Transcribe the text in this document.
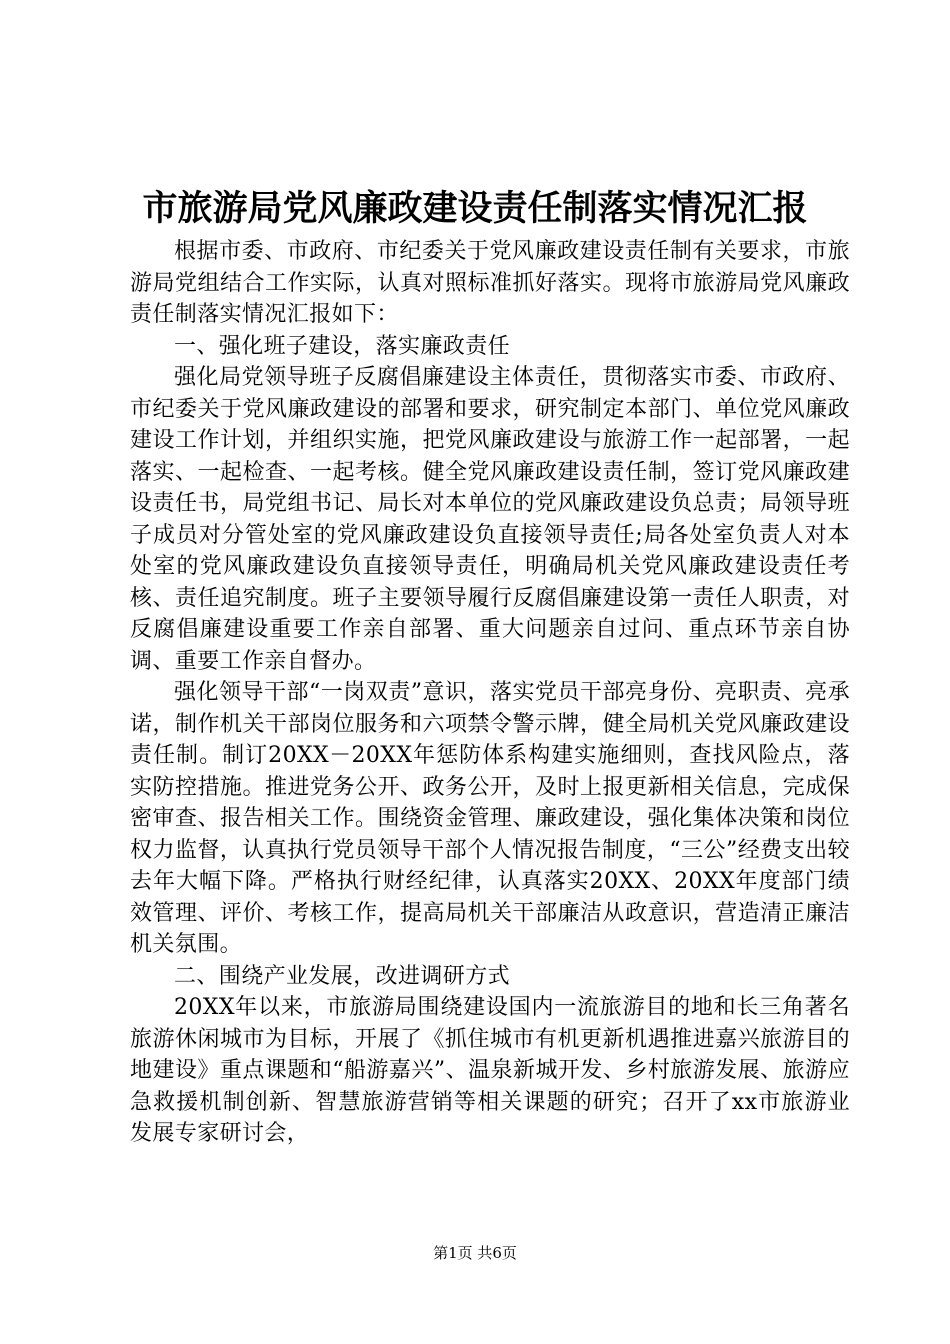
市旅游局党风廉政建设责任制落实情况汇报

根据市委、市政府、市纪委关于党风廉政建设责任制有关要求，市旅游局党组结合工作实际，认真对照标准抓好落实。现将市旅游局党风廉政责任制落实情况汇报如下：

一、强化班子建设，落实廉政责任

强化局党领导班子反腐倡廉建设主体责任，贯彻落实市委、市政府、市纪委关于党风廉政建设的部署和要求，研究制定本部门、单位党风廉政建设工作计划，并组织实施，把党风廉政建设与旅游工作一起部署，一起落实、一起检查、一起考核。健全党风廉政建设责任制，签订党风廉政建设责任书，局党组书记、局长对本单位的党风廉政建设负总责；局领导班子成员对分管处室的党风廉政建设负直接领导责任;局各处室负责人对本处室的党风廉政建设负直接领导责任，明确局机关党风廉政建设责任考核、责任追究制度。班子主要领导履行反腐倡廉建设第一责任人职责，对反腐倡廉建设重要工作亲自部署、重大问题亲自过问、重点环节亲自协调、重要工作亲自督办。

强化领导干部“一岗双责”意识，落实党员干部亮身份、亮职责、亮承诺，制作机关干部岗位服务和六项禁令警示牌，健全局机关党风廉政建设责任制。制订20XX－20XX年惩防体系构建实施细则，查找风险点，落实防控措施。推进党务公开、政务公开，及时上报更新相关信息，完成保密审查、报告相关工作。围绕资金管理、廉政建设，强化集体决策和岗位权力监督，认真执行党员领导干部个人情况报告制度，“三公”经费支出较去年大幅下降。严格执行财经纪律，认真落实20XX、20XX年度部门绩效管理、评价、考核工作，提高局机关干部廉洁从政意识，营造清正廉洁机关氛围。

二、围绕产业发展，改进调研方式

20XX年以来，市旅游局围绕建设国内一流旅游目的地和长三角著名旅游休闲城市为目标，开展了《抓住城市有机更新机遇推进嘉兴旅游目的地建设》重点课题和“船游嘉兴”、温泉新城开发、乡村旅游发展、旅游应急救援机制创新、智慧旅游营销等相关课题的研究；召开了xx市旅游业发展专家研讨会，

第1页 共6页
